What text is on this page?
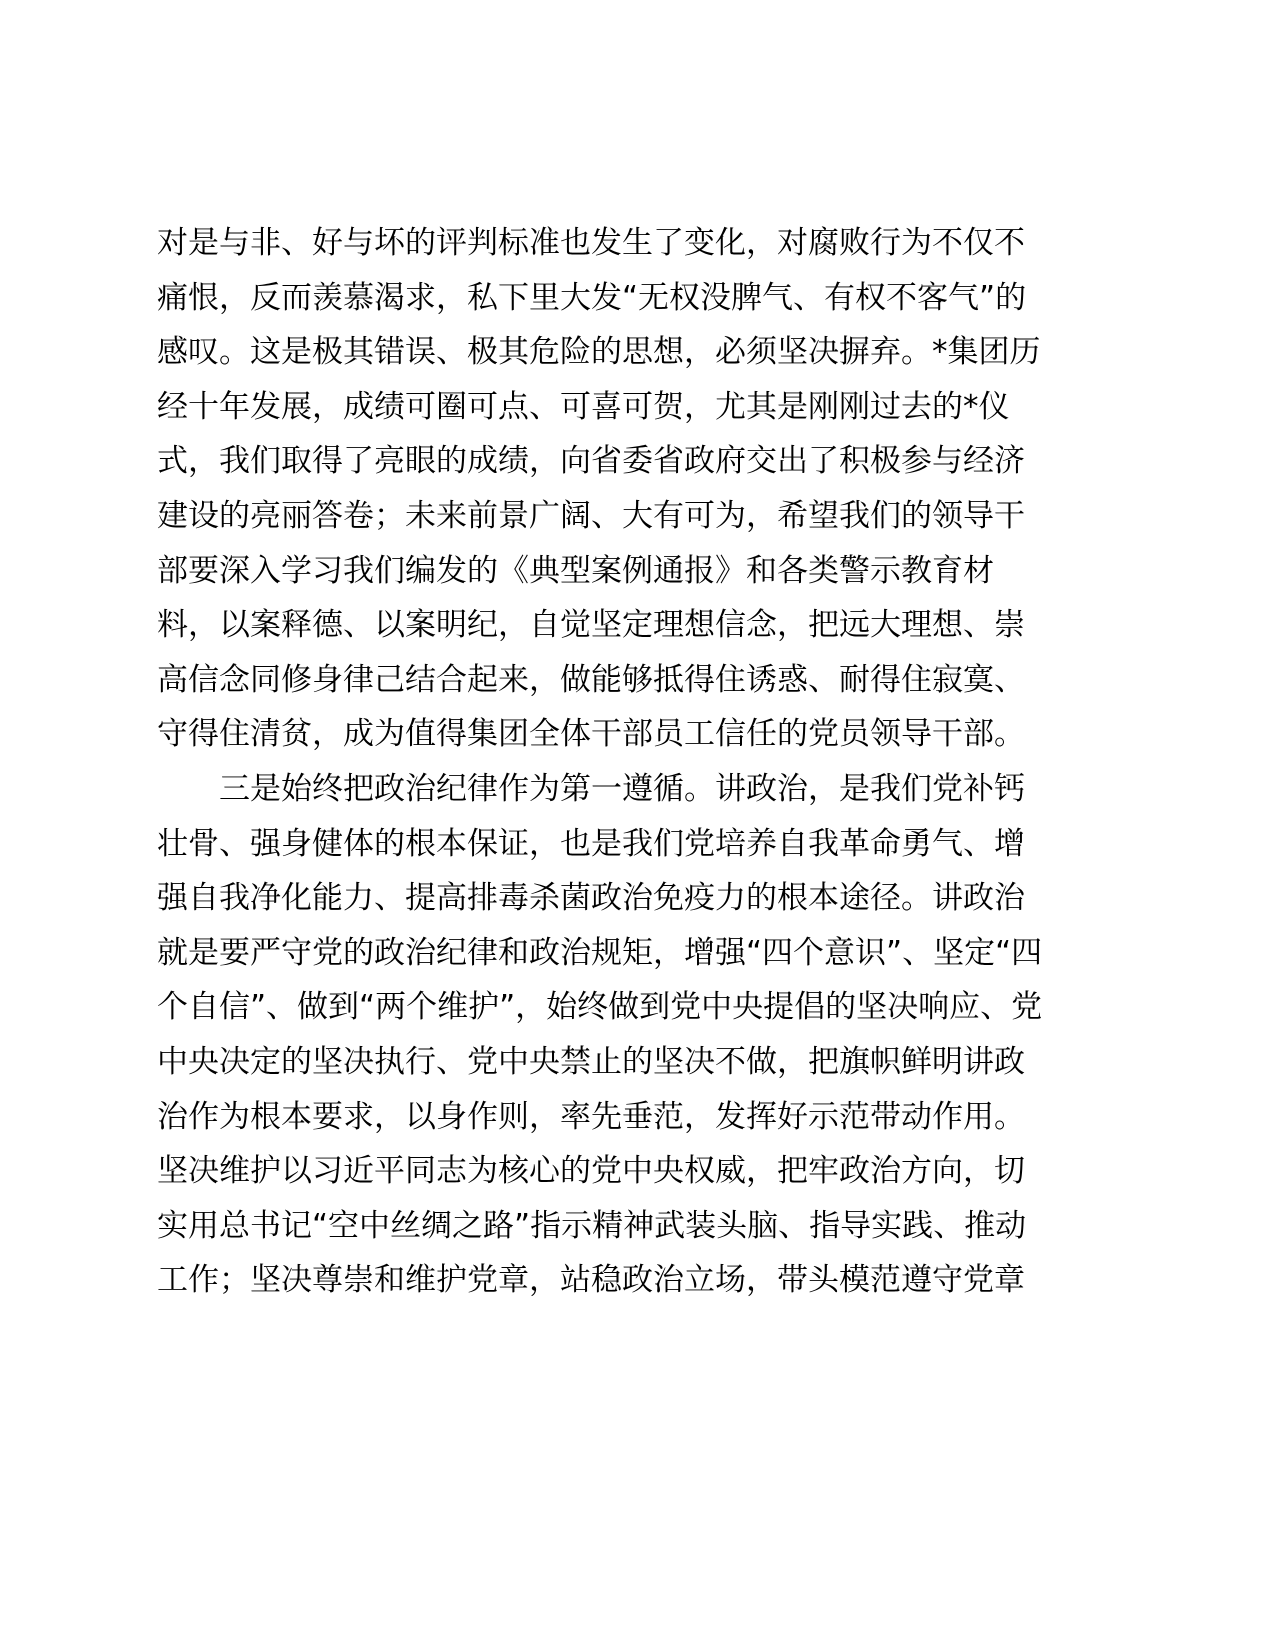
对是与非、好与坏的评判标准也发生了变化，对腐败行为不仅不
痛恨，反而羡慕渴求，私下里大发“无权没脾气、有权不客气”的
感叹。这是极其错误、极其危险的思想，必须坚决摒弃。*集团历
经十年发展，成绩可圈可点、可喜可贺，尤其是刚刚过去的*仪
式，我们取得了亮眼的成绩，向省委省政府交出了积极参与经济
建设的亮丽答卷；未来前景广阔、大有可为，希望我们的领导干
部要深入学习我们编发的《典型案例通报》和各类警示教育材
料，以案释德、以案明纪，自觉坚定理想信念，把远大理想、崇
高信念同修身律己结合起来，做能够抵得住诱惑、耐得住寂寞、
守得住清贫，成为值得集团全体干部员工信任的党员领导干部。
三是始终把政治纪律作为第一遵循。讲政治，是我们党补钙
壮骨、强身健体的根本保证，也是我们党培养自我革命勇气、增
强自我净化能力、提高排毒杀菌政治免疫力的根本途径。讲政治
就是要严守党的政治纪律和政治规矩，增强“四个意识”、坚定“四
个自信”、做到“两个维护”，始终做到党中央提倡的坚决响应、党
中央决定的坚决执行、党中央禁止的坚决不做，把旗帜鲜明讲政
治作为根本要求，以身作则，率先垂范，发挥好示范带动作用。
坚决维护以习近平同志为核心的党中央权威，把牢政治方向，切
实用总书记“空中丝绸之路”指示精神武装头脑、指导实践、推动
工作；坚决尊崇和维护党章，站稳政治立场，带头模范遵守党章
